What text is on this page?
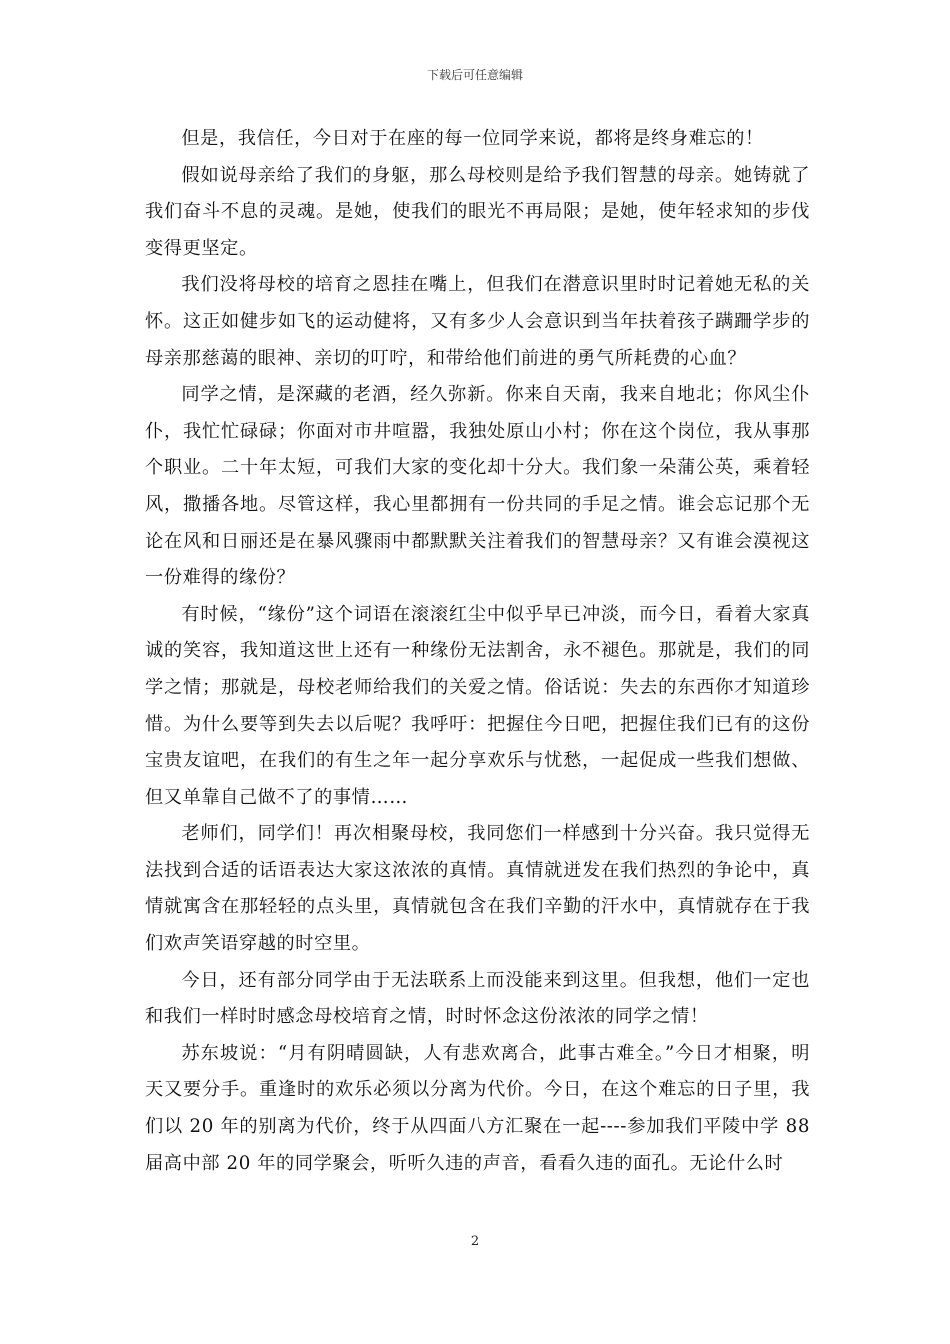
下载后可任意编辑

但是，我信任，今日对于在座的每一位同学来说，都将是终身难忘的！

假如说母亲给了我们的身躯，那么母校则是给予我们智慧的母亲。她铸就了我们奋斗不息的灵魂。是她，使我们的眼光不再局限；是她，使年轻求知的步伐变得更坚定。

我们没将母校的培育之恩挂在嘴上，但我们在潜意识里时时记着她无私的关怀。这正如健步如飞的运动健将，又有多少人会意识到当年扶着孩子蹒跚学步的母亲那慈蔼的眼神、亲切的叮咛，和带给他们前进的勇气所耗费的心血？

同学之情，是深藏的老酒，经久弥新。你来自天南，我来自地北；你风尘仆仆，我忙忙碌碌；你面对市井喧嚣，我独处原山小村；你在这个岗位，我从事那个职业。二十年太短，可我们大家的变化却十分大。我们象一朵蒲公英，乘着轻风，撒播各地。尽管这样，我心里都拥有一份共同的手足之情。谁会忘记那个无论在风和日丽还是在暴风骤雨中都默默关注着我们的智慧母亲？又有谁会漠视这一份难得的缘份？

有时候，“缘份”这个词语在滚滚红尘中似乎早已冲淡，而今日，看着大家真诚的笑容，我知道这世上还有一种缘份无法割舍，永不褪色。那就是，我们的同学之情；那就是，母校老师给我们的关爱之情。俗话说：失去的东西你才知道珍惜。为什么要等到失去以后呢？我呼吁：把握住今日吧，把握住我们已有的这份宝贵友谊吧，在我们的有生之年一起分享欢乐与忧愁，一起促成一些我们想做、但又单靠自己做不了的事情……

老师们，同学们！再次相聚母校，我同您们一样感到十分兴奋。我只觉得无法找到合适的话语表达大家这浓浓的真情。真情就迸发在我们热烈的争论中，真情就寓含在那轻轻的点头里，真情就包含在我们辛勤的汗水中，真情就存在于我们欢声笑语穿越的时空里。

今日，还有部分同学由于无法联系上而没能来到这里。但我想，他们一定也和我们一样时时感念母校培育之情，时时怀念这份浓浓的同学之情！

苏东坡说：“月有阴晴圆缺，人有悲欢离合，此事古难全。”今日才相聚，明天又要分手。重逢时的欢乐必须以分离为代价。今日，在这个难忘的日子里，我们以 20 年的别离为代价，终于从四面八方汇聚在一起----参加我们平陵中学 88 届高中部 20 年的同学聚会，听听久违的声音，看看久违的面孔。无论什么时

2
